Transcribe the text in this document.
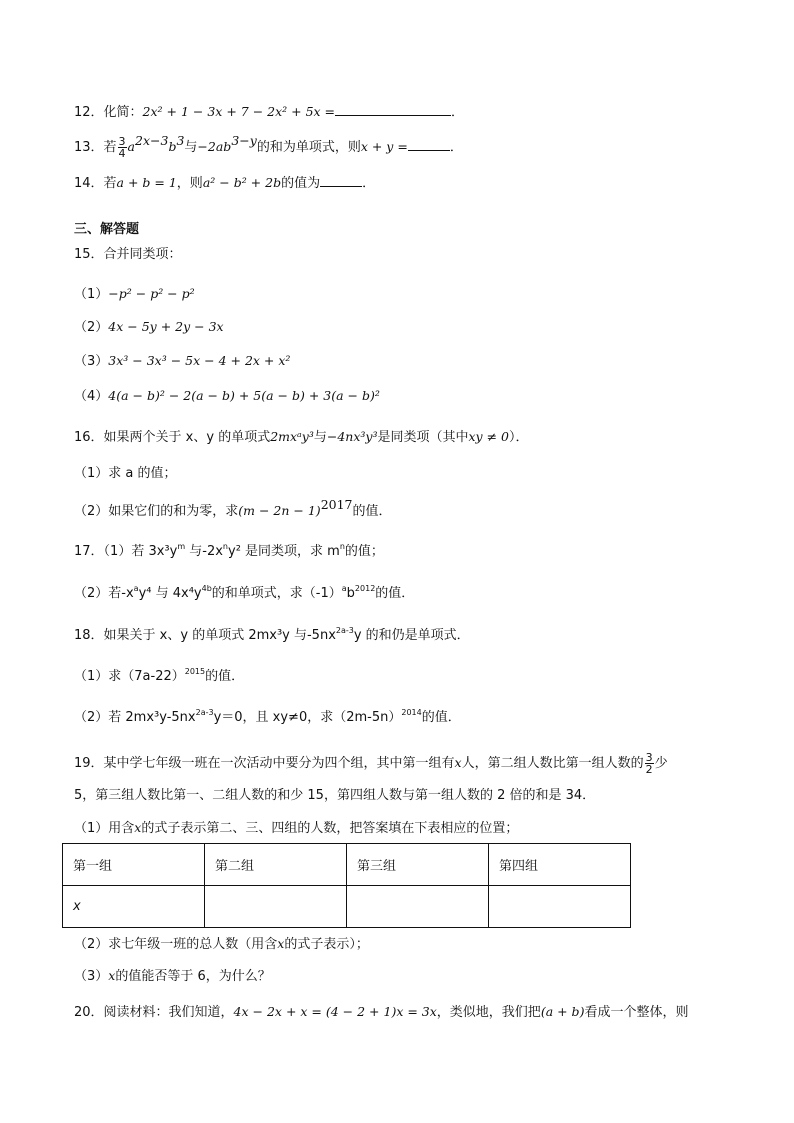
12．化简：2x² + 1 − 3x + 7 − 2x² + 5x =	．
13．若 $\frac{3}{4} a^{2x-3}b^3$与$-2ab^{3-y}$的和为单项式，则x + y =	．
14．若a + b = 1，则a² − b² + 2b的值为	．
三、解答题
15．合并同类项：
（1）−p² − p² − p²
（2）4x − 5y + 2y − 3x
（3）3x³ − 3x³ − 5x − 4 + 2x + x²
（4）4(a − b)² − 2(a − b) + 5(a − b) + 3(a − b)²
16．如果两个关于 x、y 的单项式2mxᵃy³与−4nx³y³是同类项（其中xy ≠ 0）．
（1）求 a 的值；
（2）如果它们的和为零，求$(m - 2n - 1)^{2017}$的值．
17．（1）若 $3x^3y^m$ 与$-2x^ny^2$ 是同类项，求 $m^n$的值；
（2）若$-x^ay^4$ 与 $4x^4y^{4b}$的和单项式，求$(-1)^ab^{2012}$的值．
18．如果关于 x、y 的单项式 2mx³y 与$-5nx^{2a-3}y$ 的和仍是单项式．
（1）求$(7a-22)^{2015}$的值．
（2）若 $2mx^3y-5nx^{2a-3}y=0$，且 xy≠0，求$(2m-5n)^{2014}$的值．
19．某中学七年级一班在一次活动中要分为四个组，其中第一组有x人，第二组人数比第一组人数的 $\frac{3}{2}$ 少
5，第三组人数比第一、二组人数的和少 15，第四组人数与第一组人数的 2 倍的和是 34．
（1）用含x的式子表示第二、三、四组的人数，把答案填在下表相应的位置；
第一组	第二组	第三组	第四组
x			
（2）求七年级一班的总人数（用含x的式子表示）；
（3）x的值能否等于 6，为什么？
20．阅读材料：我们知道，4x − 2x + x = (4 − 2 + 1)x = 3x，类似地，我们把(a + b)看成一个整体，则
